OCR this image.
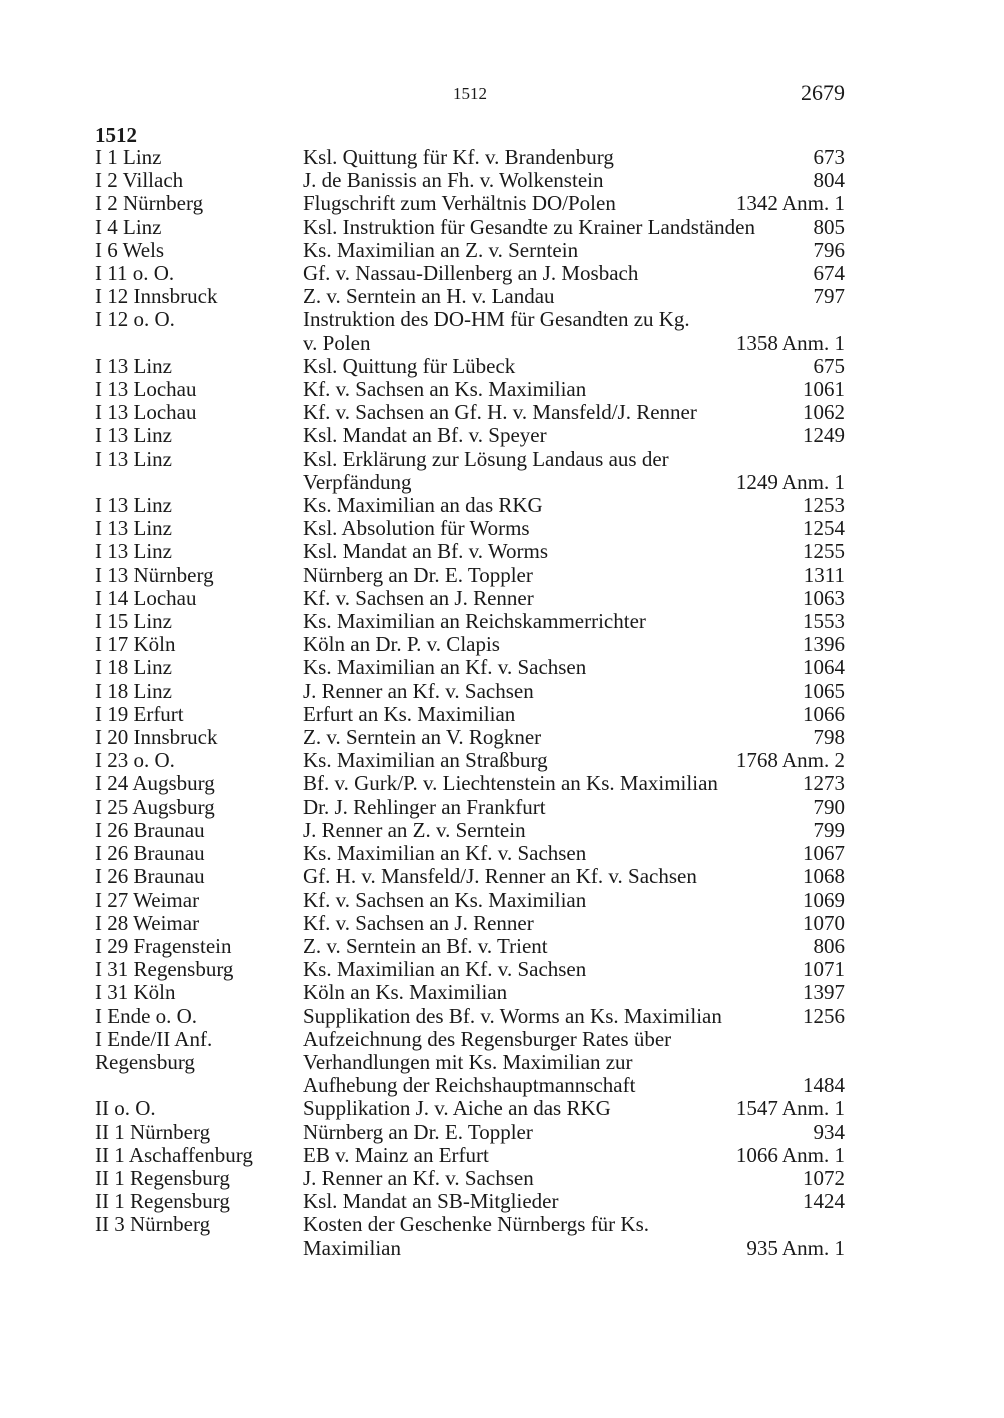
1512	2679
1512
I 1 Linz	Ksl. Quittung für Kf. v. Brandenburg	673
I 2 Villach	J. de Banissis an Fh. v. Wolkenstein	804
I 2 Nürnberg	Flugschrift zum Verhältnis DO/Polen	1342 Anm. 1
I 4 Linz	Ksl. Instruktion für Gesandte zu Krainer Landständen	805
I 6 Wels	Ks. Maximilian an Z. v. Serntein	796
I 11 o. O.	Gf. v. Nassau-Dillenberg an J. Mosbach	674
I 12 Innsbruck	Z. v. Serntein an H. v. Landau	797
I 12 o. O.	Instruktion des DO-HM für Gesandten zu Kg.
v. Polen	1358 Anm. 1
I 13 Linz	Ksl. Quittung für Lübeck	675
I 13 Lochau	Kf. v. Sachsen an Ks. Maximilian	1061
I 13 Lochau	Kf. v. Sachsen an Gf. H. v. Mansfeld/J. Renner	1062
I 13 Linz	Ksl. Mandat an Bf. v. Speyer	1249
I 13 Linz	Ksl. Erklärung zur Lösung Landaus aus der
Verpfändung	1249 Anm. 1
I 13 Linz	Ks. Maximilian an das RKG	1253
I 13 Linz	Ksl. Absolution für Worms	1254
I 13 Linz	Ksl. Mandat an Bf. v. Worms	1255
I 13 Nürnberg	Nürnberg an Dr. E. Toppler	1311
I 14 Lochau	Kf. v. Sachsen an J. Renner	1063
I 15 Linz	Ks. Maximilian an Reichskammerrichter	1553
I 17 Köln	Köln an Dr. P. v. Clapis	1396
I 18 Linz	Ks. Maximilian an Kf. v. Sachsen	1064
I 18 Linz	J. Renner an Kf. v. Sachsen	1065
I 19 Erfurt	Erfurt an Ks. Maximilian	1066
I 20 Innsbruck	Z. v. Serntein an V. Rogkner	798
I 23 o. O.	Ks. Maximilian an Straßburg	1768 Anm. 2
I 24 Augsburg	Bf. v. Gurk/P. v. Liechtenstein an Ks. Maximilian	1273
I 25 Augsburg	Dr. J. Rehlinger an Frankfurt	790
I 26 Braunau	J. Renner an Z. v. Serntein	799
I 26 Braunau	Ks. Maximilian an Kf. v. Sachsen	1067
I 26 Braunau	Gf. H. v. Mansfeld/J. Renner an Kf. v. Sachsen	1068
I 27 Weimar	Kf. v. Sachsen an Ks. Maximilian	1069
I 28 Weimar	Kf. v. Sachsen an J. Renner	1070
I 29 Fragenstein	Z. v. Serntein an Bf. v. Trient	806
I 31 Regensburg	Ks. Maximilian an Kf. v. Sachsen	1071
I 31 Köln	Köln an Ks. Maximilian	1397
I Ende o. O.	Supplikation des Bf. v. Worms an Ks. Maximilian	1256
I Ende/II Anf.
Regensburg
Aufzeichnung des Regensburger Rates über
Verhandlungen mit Ks. Maximilian zur
Aufhebung der Reichshauptmannschaft	1484
II o. O.	Supplikation J. v. Aiche an das RKG	1547 Anm. 1
II 1 Nürnberg	Nürnberg an Dr. E. Toppler	934
II 1 Aschaffenburg	EB v. Mainz an Erfurt	1066 Anm. 1
II 1 Regensburg	J. Renner an Kf. v. Sachsen	1072
II 1 Regensburg	Ksl. Mandat an SB-Mitglieder	1424
II 3 Nürnberg	Kosten der Geschenke Nürnbergs für Ks.
Maximilian	935 Anm. 1
